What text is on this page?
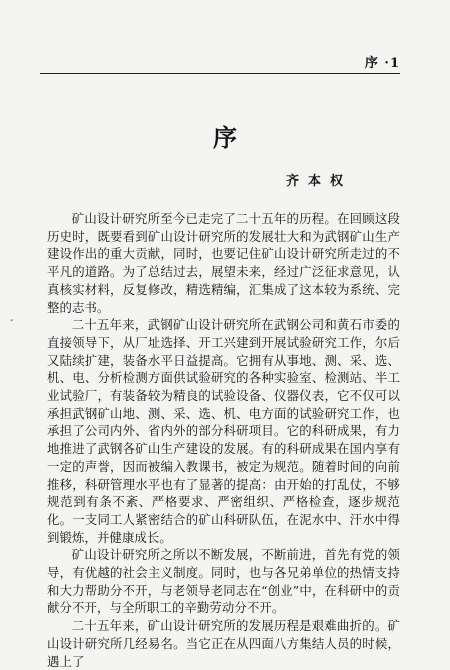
序 ·1
-
序
齐本权

矿山设计研究所至今已走完了二十五年的历程。在回顾这段历史时，既要看到矿山设计研究所的发展壮大和为武钢矿山生产建设作出的重大贡献，同时，也要记住矿山设计研究所走过的不平凡的道路。为了总结过去，展望未来，经过广泛征求意见，认真核实材料，反复修改，精选精编，汇集成了这本较为系统、完整的志书。

二十五年来，武钢矿山设计研究所在武钢公司和黄石市委的直接领导下，从厂址选择、开工兴建到开展试验研究工作，尔后又陆续扩建，装备水平日益提高。它拥有从事地、测、采、选、机、电、分析检测方面供试验研究的各种实验室、检测站、半工业试验厂，有装备较为精良的试验设备、仪器仪表，它不仅可以承担武钢矿山地、测、采、选、机、电方面的试验研究工作，也承担了公司内外、省内外的部分科研项目。它的科研成果，有力地推进了武钢各矿山生产建设的发展。有的科研成果在国内享有一定的声誉，因而被编入教课书，被定为规范。随着时间的向前推移，科研管理水平也有了显著的提高：由开始的打乱仗，不够规范到有条不紊、严格要求、严密组织、严格检查，逐步规范化。一支同工人紧密结合的矿山科研队伍，在泥水中、汗水中得到锻炼，并健康成长。

矿山设计研究所之所以不断发展，不断前进，首先有党的领导，有优越的社会主义制度。同时，也与各兄弟单位的热情支持和大力帮助分不开，与老领导老同志在“创业”中，在科研中的贡献分不开，与全所职工的辛勤劳动分不开。

二十五年来，矿山设计研究所的发展历程是艰难曲折的。矿山设计研究所几经易名。当它正在从四面八方集结人员的时候，遇上了
